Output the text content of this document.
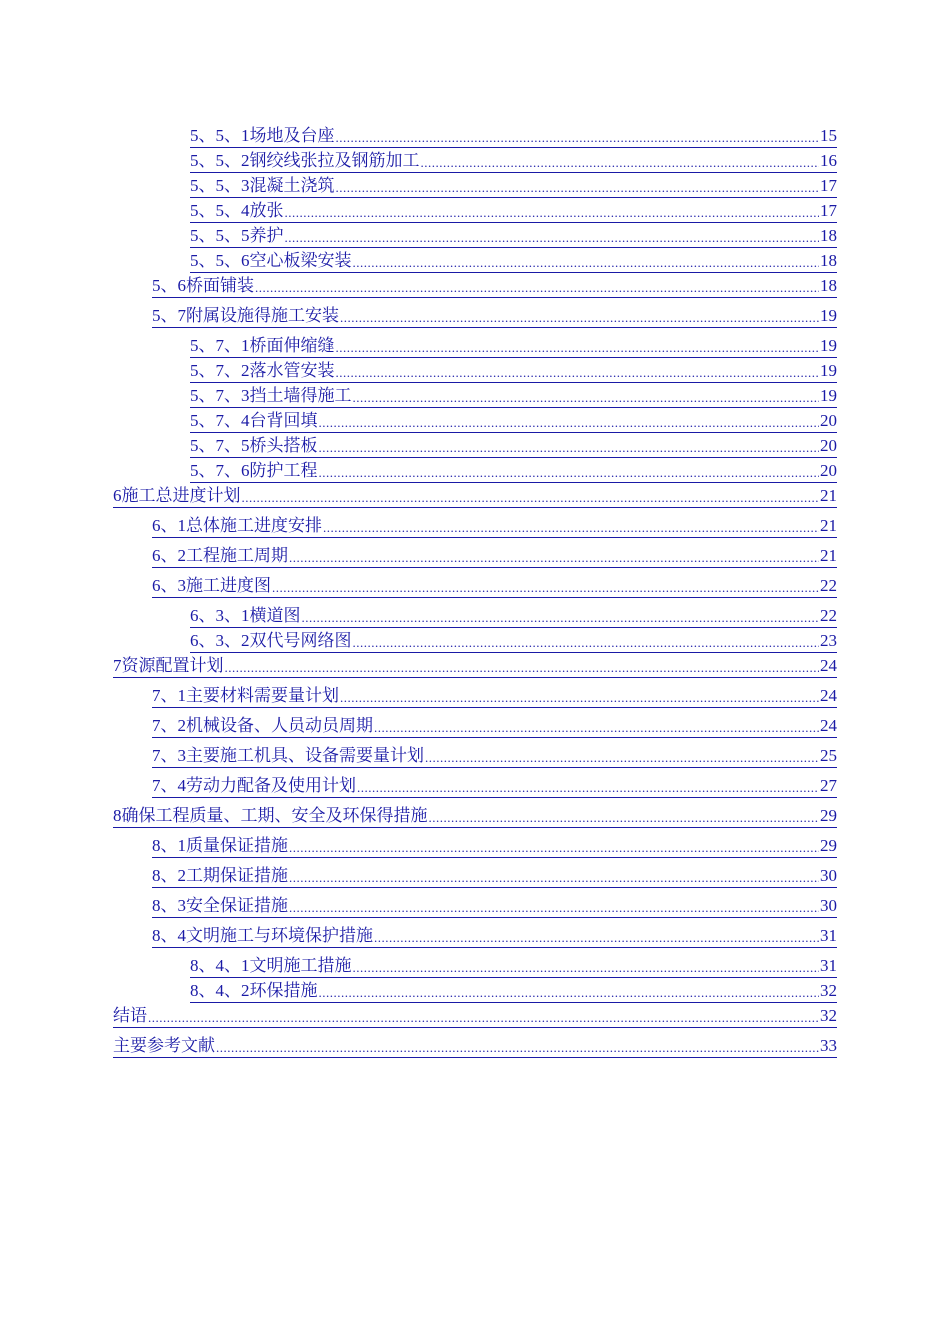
5、5、1场地及台座 .....	15
5、5、2钢绞线张拉及钢筋加工 .....	16
5、5、3混凝土浇筑 .....	17
5、5、4放张 .....	17
5、5、5养护 .....	18
5、5、6空心板梁安装 .....	18
5、6桥面铺装 .....	18
5、7附属设施得施工安装 .....	19
5、7、1桥面伸缩缝 .....	19
5、7、2落水管安装 .....	19
5、7、3挡土墙得施工 .....	19
5、7、4台背回填 .....	20
5、7、5桥头搭板 .....	20
5、7、6防护工程 .....	20
6施工总进度计划 .....	21
6、1总体施工进度安排 .....	21
6、2工程施工周期 .....	21
6、3施工进度图 .....	22
6、3、1横道图 .....	22
6、3、2双代号网络图 .....	23
7资源配置计划 .....	24
7、1主要材料需要量计划 .....	24
7、2机械设备、人员动员周期 .....	24
7、3主要施工机具、设备需要量计划 .....	25
7、4劳动力配备及使用计划 .....	27
8确保工程质量、工期、安全及环保得措施 .....	29
8、1质量保证措施 .....	29
8、2工期保证措施 .....	30
8、3安全保证措施 .....	30
8、4文明施工与环境保护措施 .....	31
8、4、1文明施工措施 .....	31
8、4、2环保措施 .....	32
结语 .....	32
主要参考文献 .....	33
